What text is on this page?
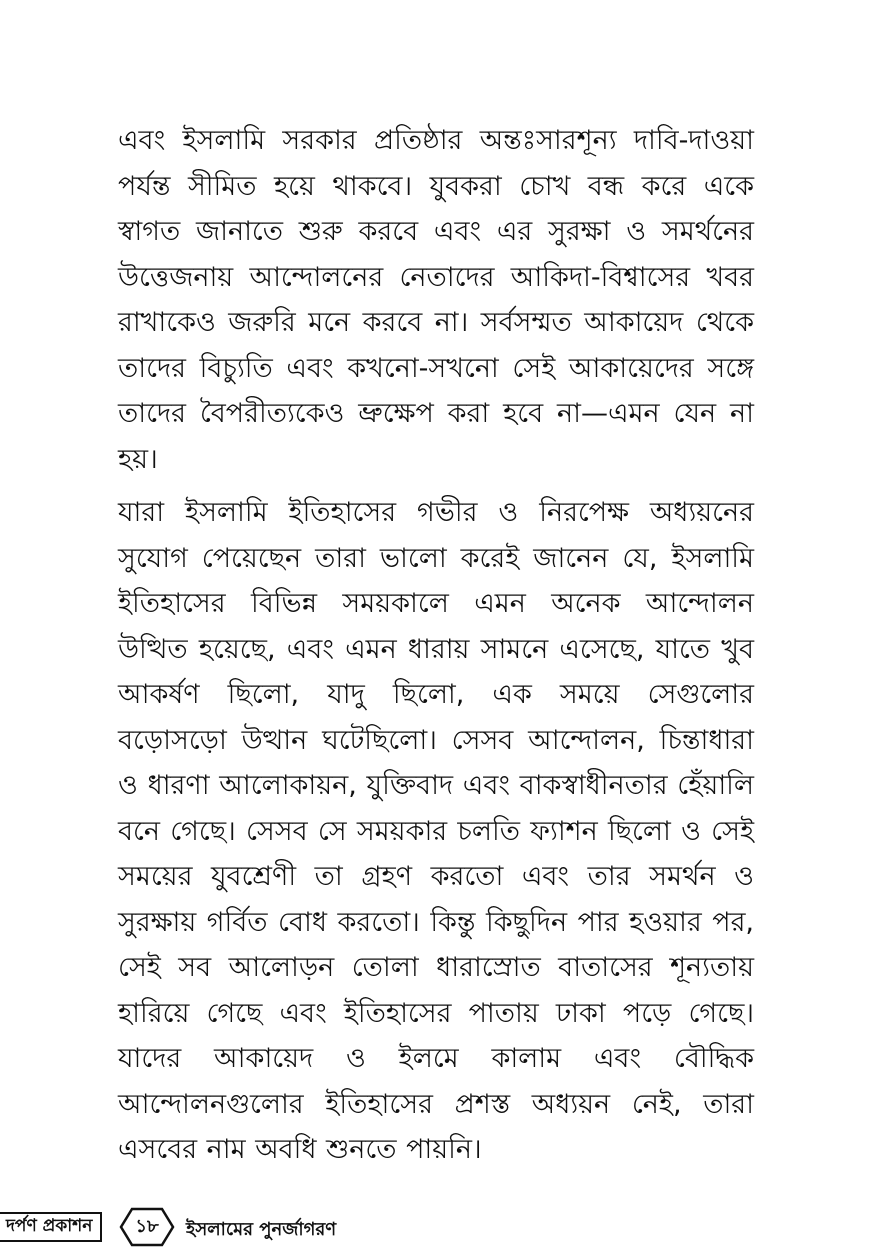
এবং ইসলামি সরকার প্রতিষ্ঠার অন্তঃসারশূন্য দাবি-দাওয়া পর্যন্ত সীমিত হয়ে থাকবে। যুবকরা চোখ বন্ধ করে একে স্বাগত জানাতে শুরু করবে এবং এর সুরক্ষা ও সমর্থনের উত্তেজনায় আন্দোলনের নেতাদের আকিদা-বিশ্বাসের খবর রাখাকেও জরুরি মনে করবে না। সর্বসম্মত আকায়েদ থেকে তাদের বিচ্যুতি এবং কখনো-সখনো সেই আকায়েদের সঙ্গে তাদের বৈপরীত্যকেও ভ্রুক্ষেপ করা হবে না—এমন যেন না হয়।

যারা ইসলামি ইতিহাসের গভীর ও নিরপেক্ষ অধ্যয়নের সুযোগ পেয়েছেন তারা ভালো করেই জানেন যে, ইসলামি ইতিহাসের বিভিন্ন সময়কালে এমন অনেক আন্দোলন উত্থিত হয়েছে, এবং এমন ধারায় সামনে এসেছে, যাতে খুব আকর্ষণ ছিলো, যাদু ছিলো, এক সময়ে সেগুলোর বড়োসড়ো উত্থান ঘটেছিলো। সেসব আন্দোলন, চিন্তাধারা ও ধারণা আলোকায়ন, যুক্তিবাদ এবং বাকস্বাধীনতার হেঁয়ালি বনে গেছে। সেসব সে সময়কার চলতি ফ্যাশন ছিলো ও সেই সময়ের যুবশ্রেণী তা গ্রহণ করতো এবং তার সমর্থন ও সুরক্ষায় গর্বিত বোধ করতো। কিন্তু কিছুদিন পার হওয়ার পর, সেই সব আলোড়ন তোলা ধারাস্রোত বাতাসের শূন্যতায় হারিয়ে গেছে এবং ইতিহাসের পাতায় ঢাকা পড়ে গেছে। যাদের আকায়েদ ও ইলমে কালাম এবং বৌদ্ধিক আন্দোলনগুলোর ইতিহাসের প্রশস্ত অধ্যয়ন নেই, তারা এসবের নাম অবধি শুনতে পায়নি।

দর্পণ প্রকাশন	১৮	ইসলামের পুনর্জাগরণ
